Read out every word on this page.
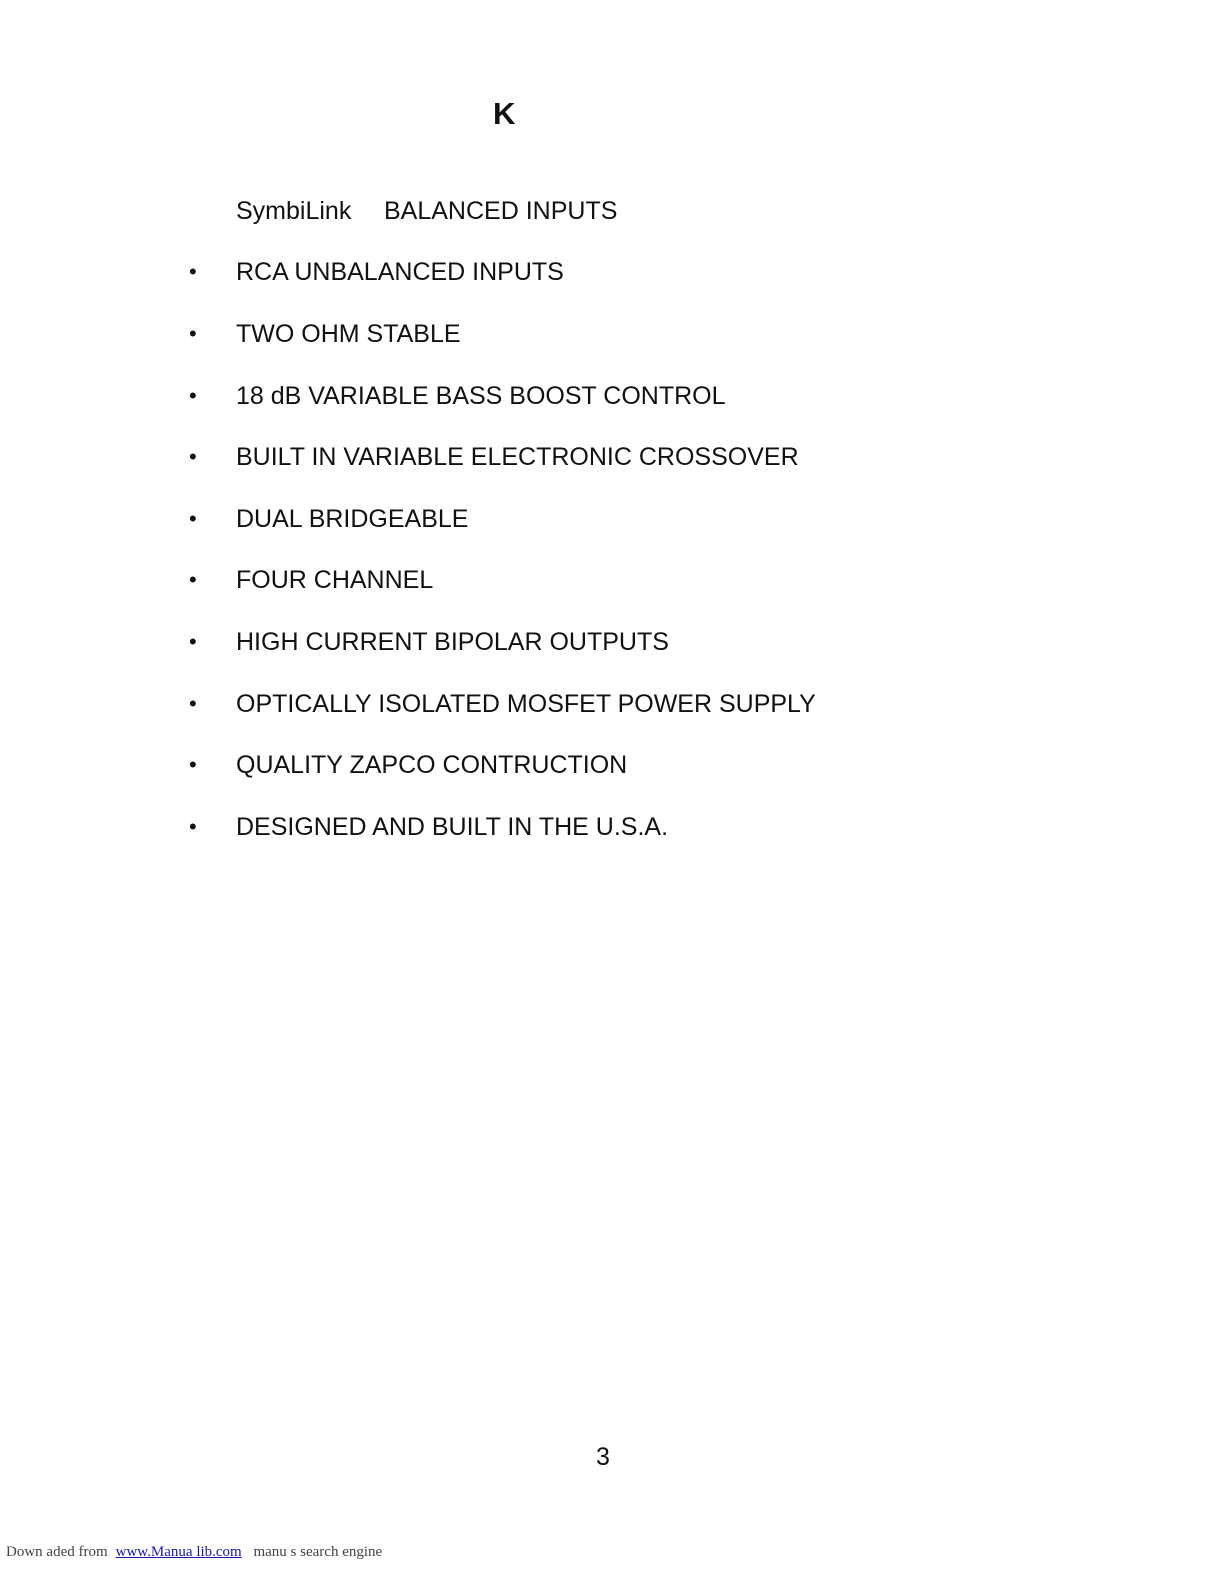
K
SymbiLink BALANCED INPUTS
• RCA UNBALANCED INPUTS
• TWO OHM STABLE
• 18 dB VARIABLE BASS BOOST CONTROL
• BUILT IN VARIABLE ELECTRONIC CROSSOVER
• DUAL BRIDGEABLE
• FOUR CHANNEL
• HIGH CURRENT BIPOLAR OUTPUTS
• OPTICALLY ISOLATED MOSFET POWER SUPPLY
• QUALITY ZAPCO CONTRUCTION
• DESIGNED AND BUILT IN THE U.S.A.
3
Down aded from www.Manua lib.com manu s search engine
